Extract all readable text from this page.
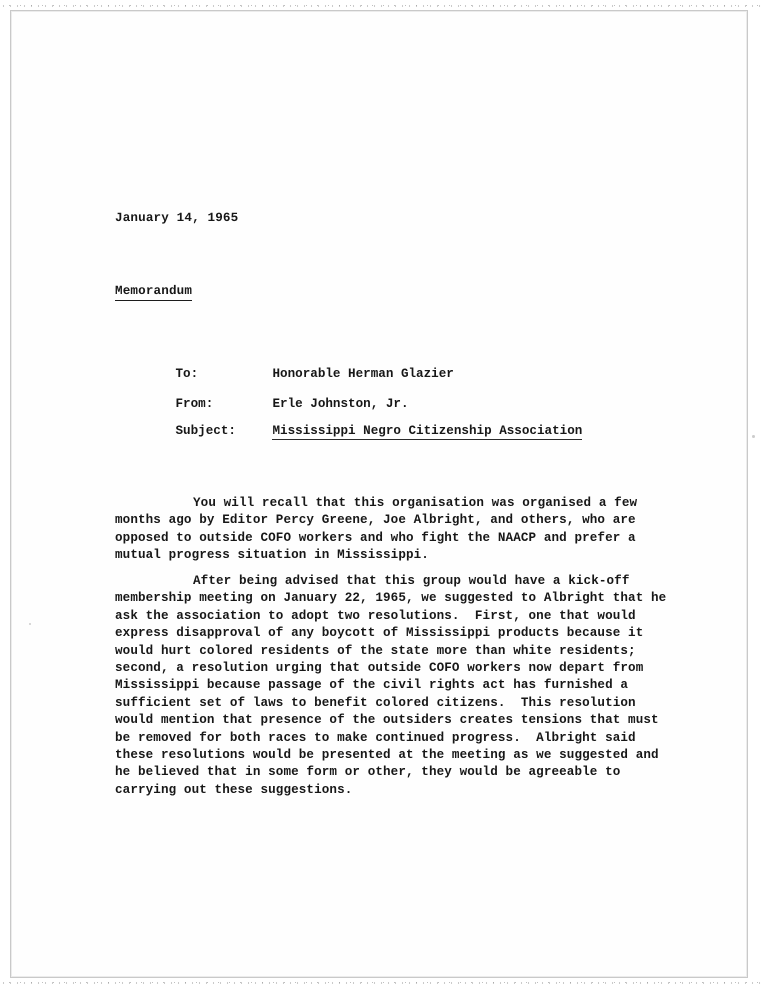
January 14, 1965
Memorandum

To:	Honorable Herman Glazier

From:	Erle Johnston, Jr.

Subject:	Mississippi Negro Citizenship Association

You will recall that this organisation was organised a few months ago by Editor Percy Greene, Joe Albright, and others, who are opposed to outside COFO workers and who fight the NAACP and prefer a mutual progress situation in Mississippi.
After being advised that this group would have a kick-off membership meeting on January 22, 1965, we suggested to Albright that he ask the association to adopt two resolutions.  First, one that would express disapproval of any boycott of Mississippi products because it would hurt colored residents of the state more than white residents; second, a resolution urging that outside COFO workers now depart from Mississippi because passage of the civil rights act has furnished a sufficient set of laws to benefit colored citizens.  This resolution would mention that presence of the outsiders creates tensions that must be removed for both races to make continued progress.  Albright said these resolutions would be presented at the meeting as we suggested and he believed that in some form or other, they would be agreeable to carrying out these suggestions.
